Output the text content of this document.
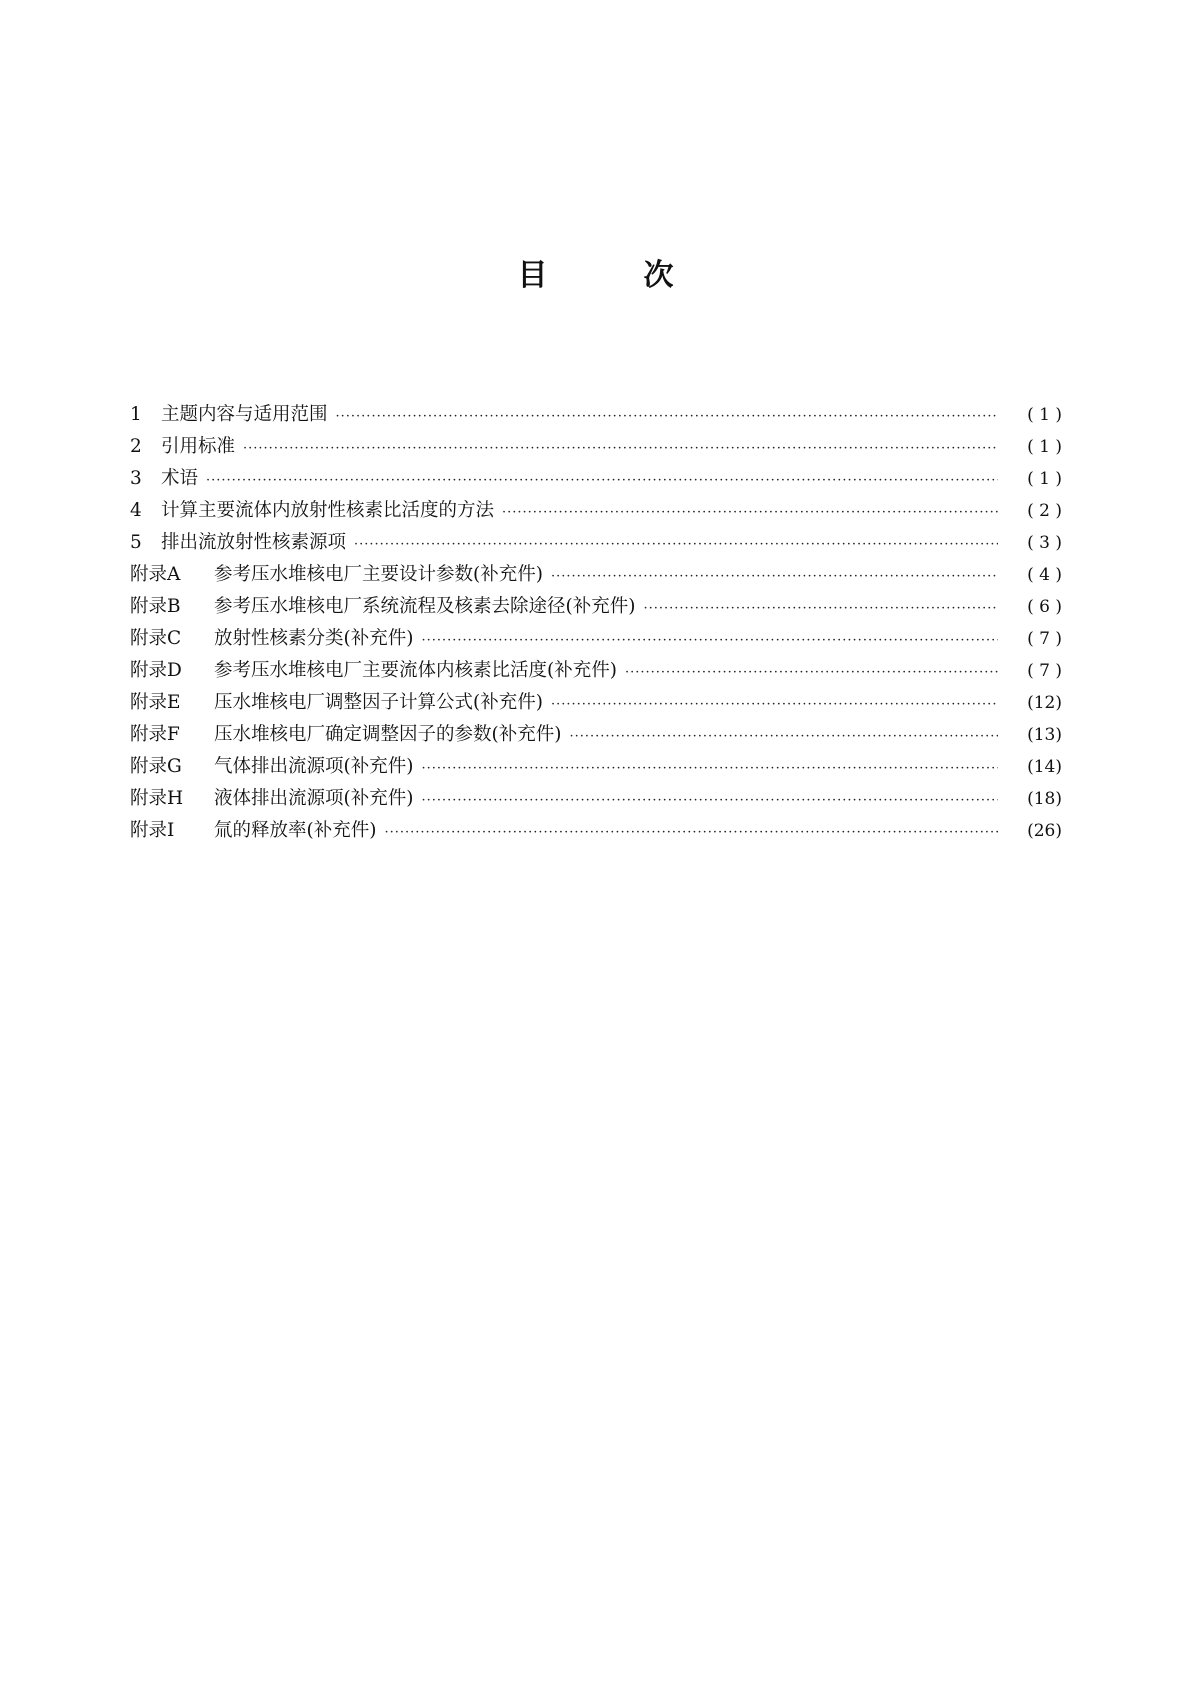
目	次
1	主题内容与适用范围 ·····	( 1 )
2	引用标准 ·····	( 1 )
3	术语 ·····	( 1 )
4	计算主要流体内放射性核素比活度的方法 ·····	( 2 )
5	排出流放射性核素源项 ·····	( 3 )
附录A	参考压水堆核电厂主要设计参数(补充件) ·····	( 4 )
附录B	参考压水堆核电厂系统流程及核素去除途径(补充件) ·····	( 6 )
附录C	放射性核素分类(补充件) ·····	( 7 )
附录D	参考压水堆核电厂主要流体内核素比活度(补充件) ·····	( 7 )
附录E	压水堆核电厂调整因子计算公式(补充件) ·····	(12)
附录F	压水堆核电厂确定调整因子的参数(补充件) ·····	(13)
附录G	气体排出流源项(补充件) ·····	(14)
附录H	液体排出流源项(补充件) ·····	(18)
附录I	氚的释放率(补充件) ·····	(26)
